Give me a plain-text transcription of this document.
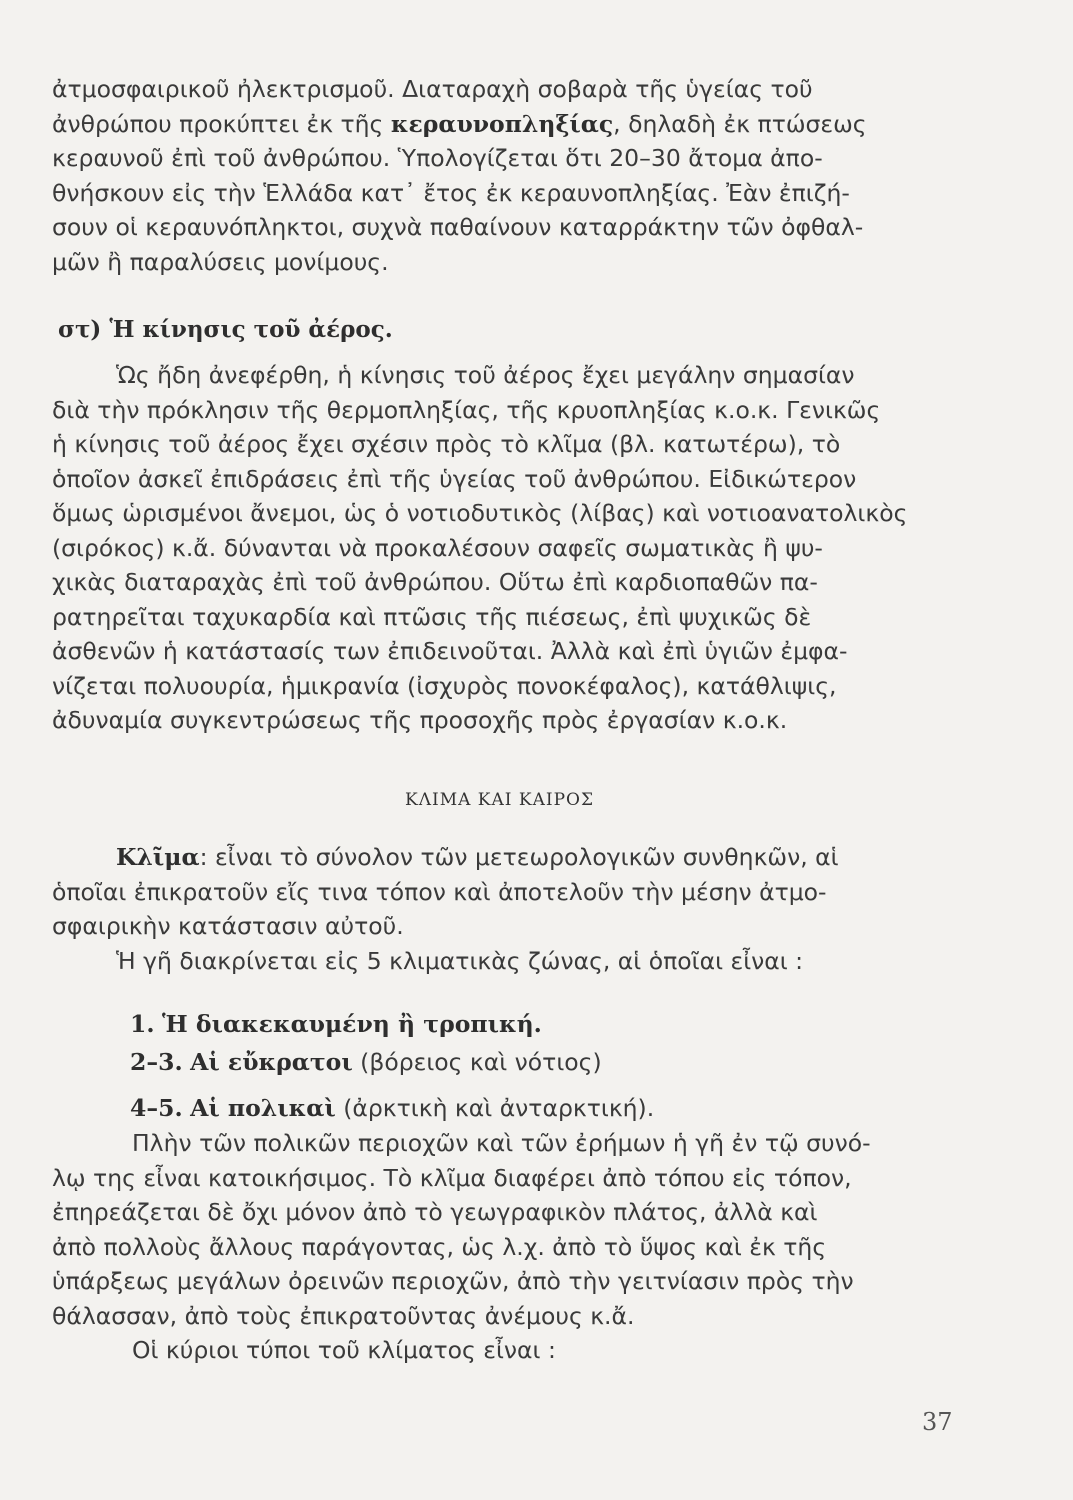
ἀτμοσφαιρικοῦ ἠλεκτρισμοῦ. Διαταραχὴ σοβαρὰ τῆς ὑγείας τοῦ
ἀνθρώπου προκύπτει ἐκ τῆς κεραυνοπληξίας, δηλαδὴ ἐκ πτώσεως
κεραυνοῦ ἐπὶ τοῦ ἀνθρώπου. Ὑπολογίζεται ὅτι 20–30 ἄτομα ἀπο-
θνήσκουν εἰς τὴν Ἑλλάδα κατ᾽ ἔτος ἐκ κεραυνοπληξίας. Ἐὰν ἐπιζή-
σουν οἱ κεραυνόπληκτοι, συχνὰ παθαίνουν καταρράκτην τῶν ὀφθαλ-
μῶν ἢ παραλύσεις μονίμους.
στ) Ἡ κίνησις τοῦ ἀέρος.
Ὡς ἤδη ἀνεφέρθη, ἡ κίνησις τοῦ ἀέρος ἔχει μεγάλην σημασίαν
διὰ τὴν πρόκλησιν τῆς θερμοπληξίας, τῆς κρυοπληξίας κ.ο.κ. Γενικῶς
ἡ κίνησις τοῦ ἀέρος ἔχει σχέσιν πρὸς τὸ κλῖμα (βλ. κατωτέρω), τὸ
ὁποῖον ἀσκεῖ ἐπιδράσεις ἐπὶ τῆς ὑγείας τοῦ ἀνθρώπου. Εἰδικώτερον
ὅμως ὡρισμένοι ἄνεμοι, ὡς ὁ νοτιοδυτικὸς (λίβας) καὶ νοτιοανατολικὸς
(σιρόκος) κ.ἄ. δύνανται νὰ προκαλέσουν σαφεῖς σωματικὰς ἢ ψυ-
χικὰς διαταραχὰς ἐπὶ τοῦ ἀνθρώπου. Οὕτω ἐπὶ καρδιοπαθῶν πα-
ρατηρεῖται ταχυκαρδία καὶ πτῶσις τῆς πιέσεως, ἐπὶ ψυχικῶς δὲ
ἀσθενῶν ἡ κατάστασίς των ἐπιδεινοῦται. Ἀλλὰ καὶ ἐπὶ ὑγιῶν ἐμφα-
νίζεται πολυουρία, ἡμικρανία (ἰσχυρὸς πονοκέφαλος), κατάθλιψις,
ἀδυναμία συγκεντρώσεως τῆς προσοχῆς πρὸς ἐργασίαν κ.ο.κ.
ΚΛΙΜΑ ΚΑΙ ΚΑΙΡΟΣ
Κλῖμα: εἶναι τὸ σύνολον τῶν μετεωρολογικῶν συνθηκῶν, αἱ
ὁποῖαι ἐπικρατοῦν εἴς τινα τόπον καὶ ἀποτελοῦν τὴν μέσην ἀτμο-
σφαιρικὴν κατάστασιν αὐτοῦ.
Ἡ γῆ διακρίνεται εἰς 5 κλιματικὰς ζώνας, αἱ ὁποῖαι εἶναι :
1. Ἡ διακεκαυμένη ἢ τροπική.
2–3. Αἱ εὔκρατοι (βόρειος καὶ νότιος)
4–5. Αἱ πολικαὶ (ἀρκτικὴ καὶ ἀνταρκτική).
Πλὴν τῶν πολικῶν περιοχῶν καὶ τῶν ἐρήμων ἡ γῆ ἐν τῷ συνό-
λῳ της εἶναι κατοικήσιμος. Τὸ κλῖμα διαφέρει ἀπὸ τόπου εἰς τόπον,
ἐπηρεάζεται δὲ ὄχι μόνον ἀπὸ τὸ γεωγραφικὸν πλάτος, ἀλλὰ καὶ
ἀπὸ πολλοὺς ἄλλους παράγοντας, ὡς λ.χ. ἀπὸ τὸ ὕψος καὶ ἐκ τῆς
ὑπάρξεως μεγάλων ὀρεινῶν περιοχῶν, ἀπὸ τὴν γειτνίασιν πρὸς τὴν
θάλασσαν, ἀπὸ τοὺς ἐπικρατοῦντας ἀνέμους κ.ἄ.
Οἱ κύριοι τύποι τοῦ κλίματος εἶναι :
37
